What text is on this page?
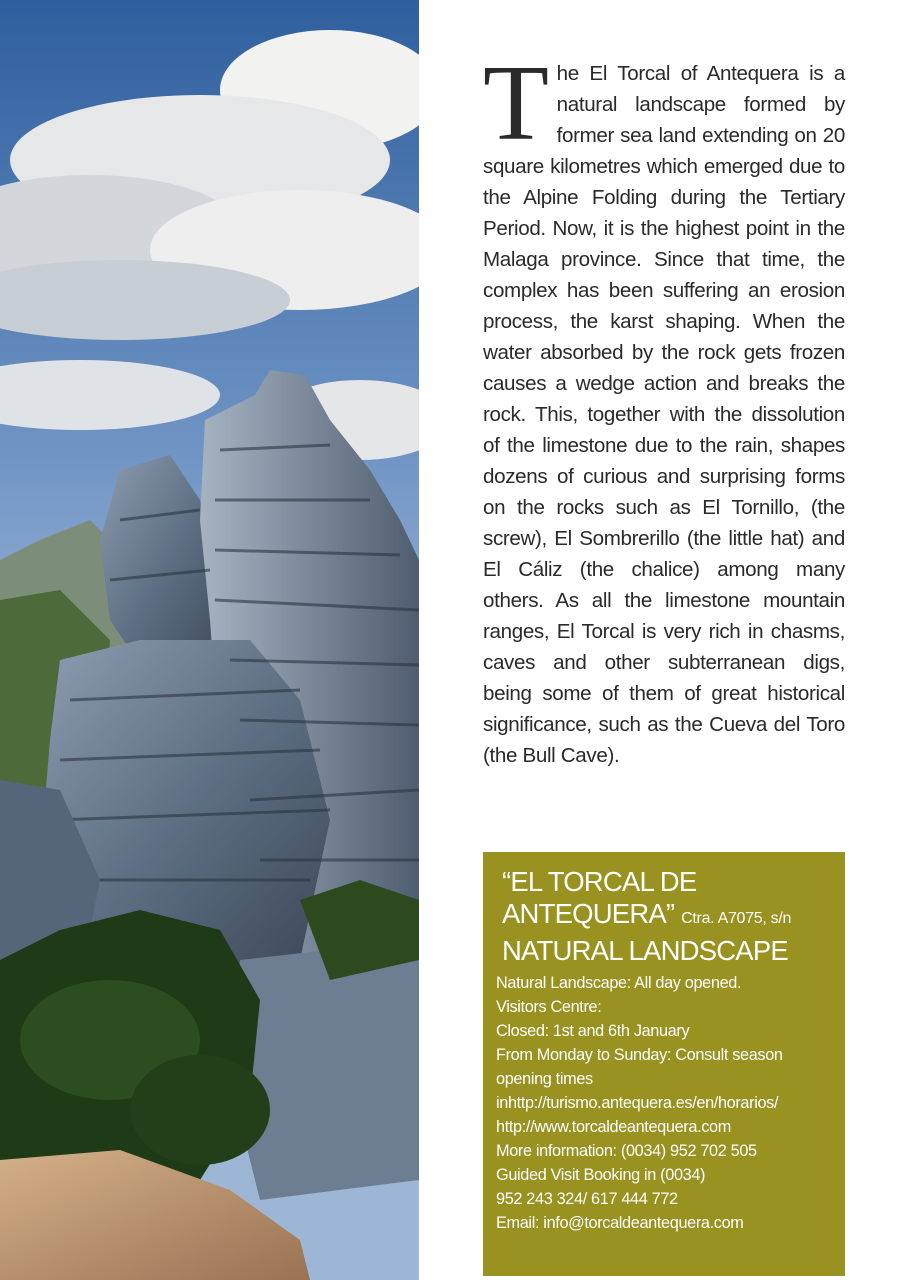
The El Torcal of Antequera is a natural landscape formed by former sea land extending on 20 square kilometres which emerged due to the Alpine Folding during the Tertiary Period. Now, it is the highest point in the Malaga province. Since that time, the complex has been suffering an erosion process, the karst shaping. When the water absorbed by the rock gets frozen causes a wedge action and breaks the rock. This, together with the dissolution of the limestone due to the rain, shapes dozens of curious and surprising forms on the rocks such as El Tornillo, (the screw), El Sombrerillo (the little hat) and El Cáliz (the chalice) among many others. As all the limestone mountain ranges, El Torcal is very rich in chasms, caves and other subterranean digs, being some of them of great historical significance, such as the Cueva del Toro (the Bull Cave).
“EL TORCAL DE
ANTEQUERA” Ctra. A7075, s/n
NATURAL LANDSCAPE
Natural Landscape: All day opened.
Visitors Centre:
Closed: 1st and 6th January
From Monday to Sunday: Consult season
opening times
inhttp://turismo.antequera.es/en/horarios/
http://www.torcaldeantequera.com
More information: (0034) 952 702 505
Guided Visit Booking in (0034)
952 243 324/ 617 444 772
Email: info@torcaldeantequera.com
